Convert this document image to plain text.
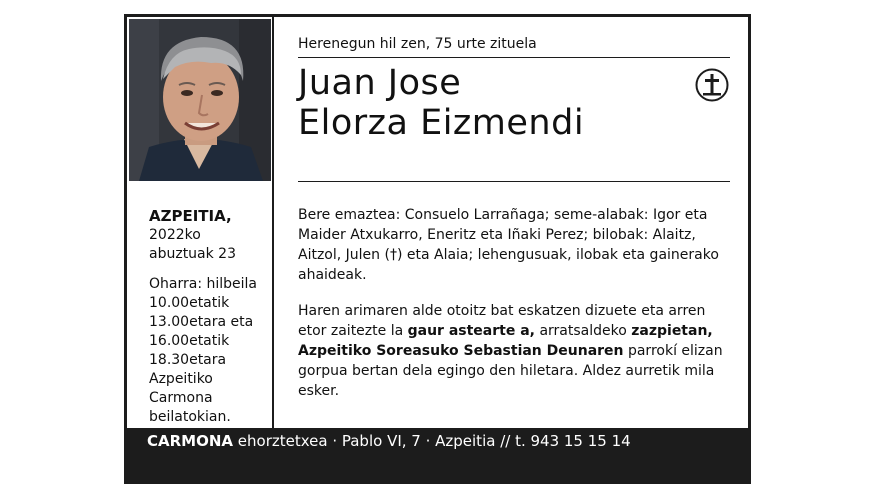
AZPEITIA,

2022ko

abuztuak 23

Oharra: hilbeila

10.00etatik

13.00etara eta

16.00etatik

18.30etara

Azpeitiko

Carmona

beilatokian.

Herenegun hil zen, 75 urte zituela
Juan Jose
Elorza Eizmendi

Bere emaztea: Consuelo Larrañaga; seme-alabak: Igor eta Maider Atxukarro, Eneritz eta Iñaki Perez; bilobak: Alaitz, Aitzol, Julen (†) eta Alaia; lehengusuak, ilobak eta gainerako ahaideak.

Haren arimaren alde otoitz bat eskatzen dizuete eta arren etor zaitezte la gaur astearte a, arratsaldeko zazpietan, Azpeitiko Soreasuko Sebastian Deunaren parrokí elizan gorpua bertan dela egingo den hiletara. Aldez aurretik mila esker.

CARMONA ehorztetxea · Pablo VI, 7 · Azpeitia // t. 943 15 15 14
